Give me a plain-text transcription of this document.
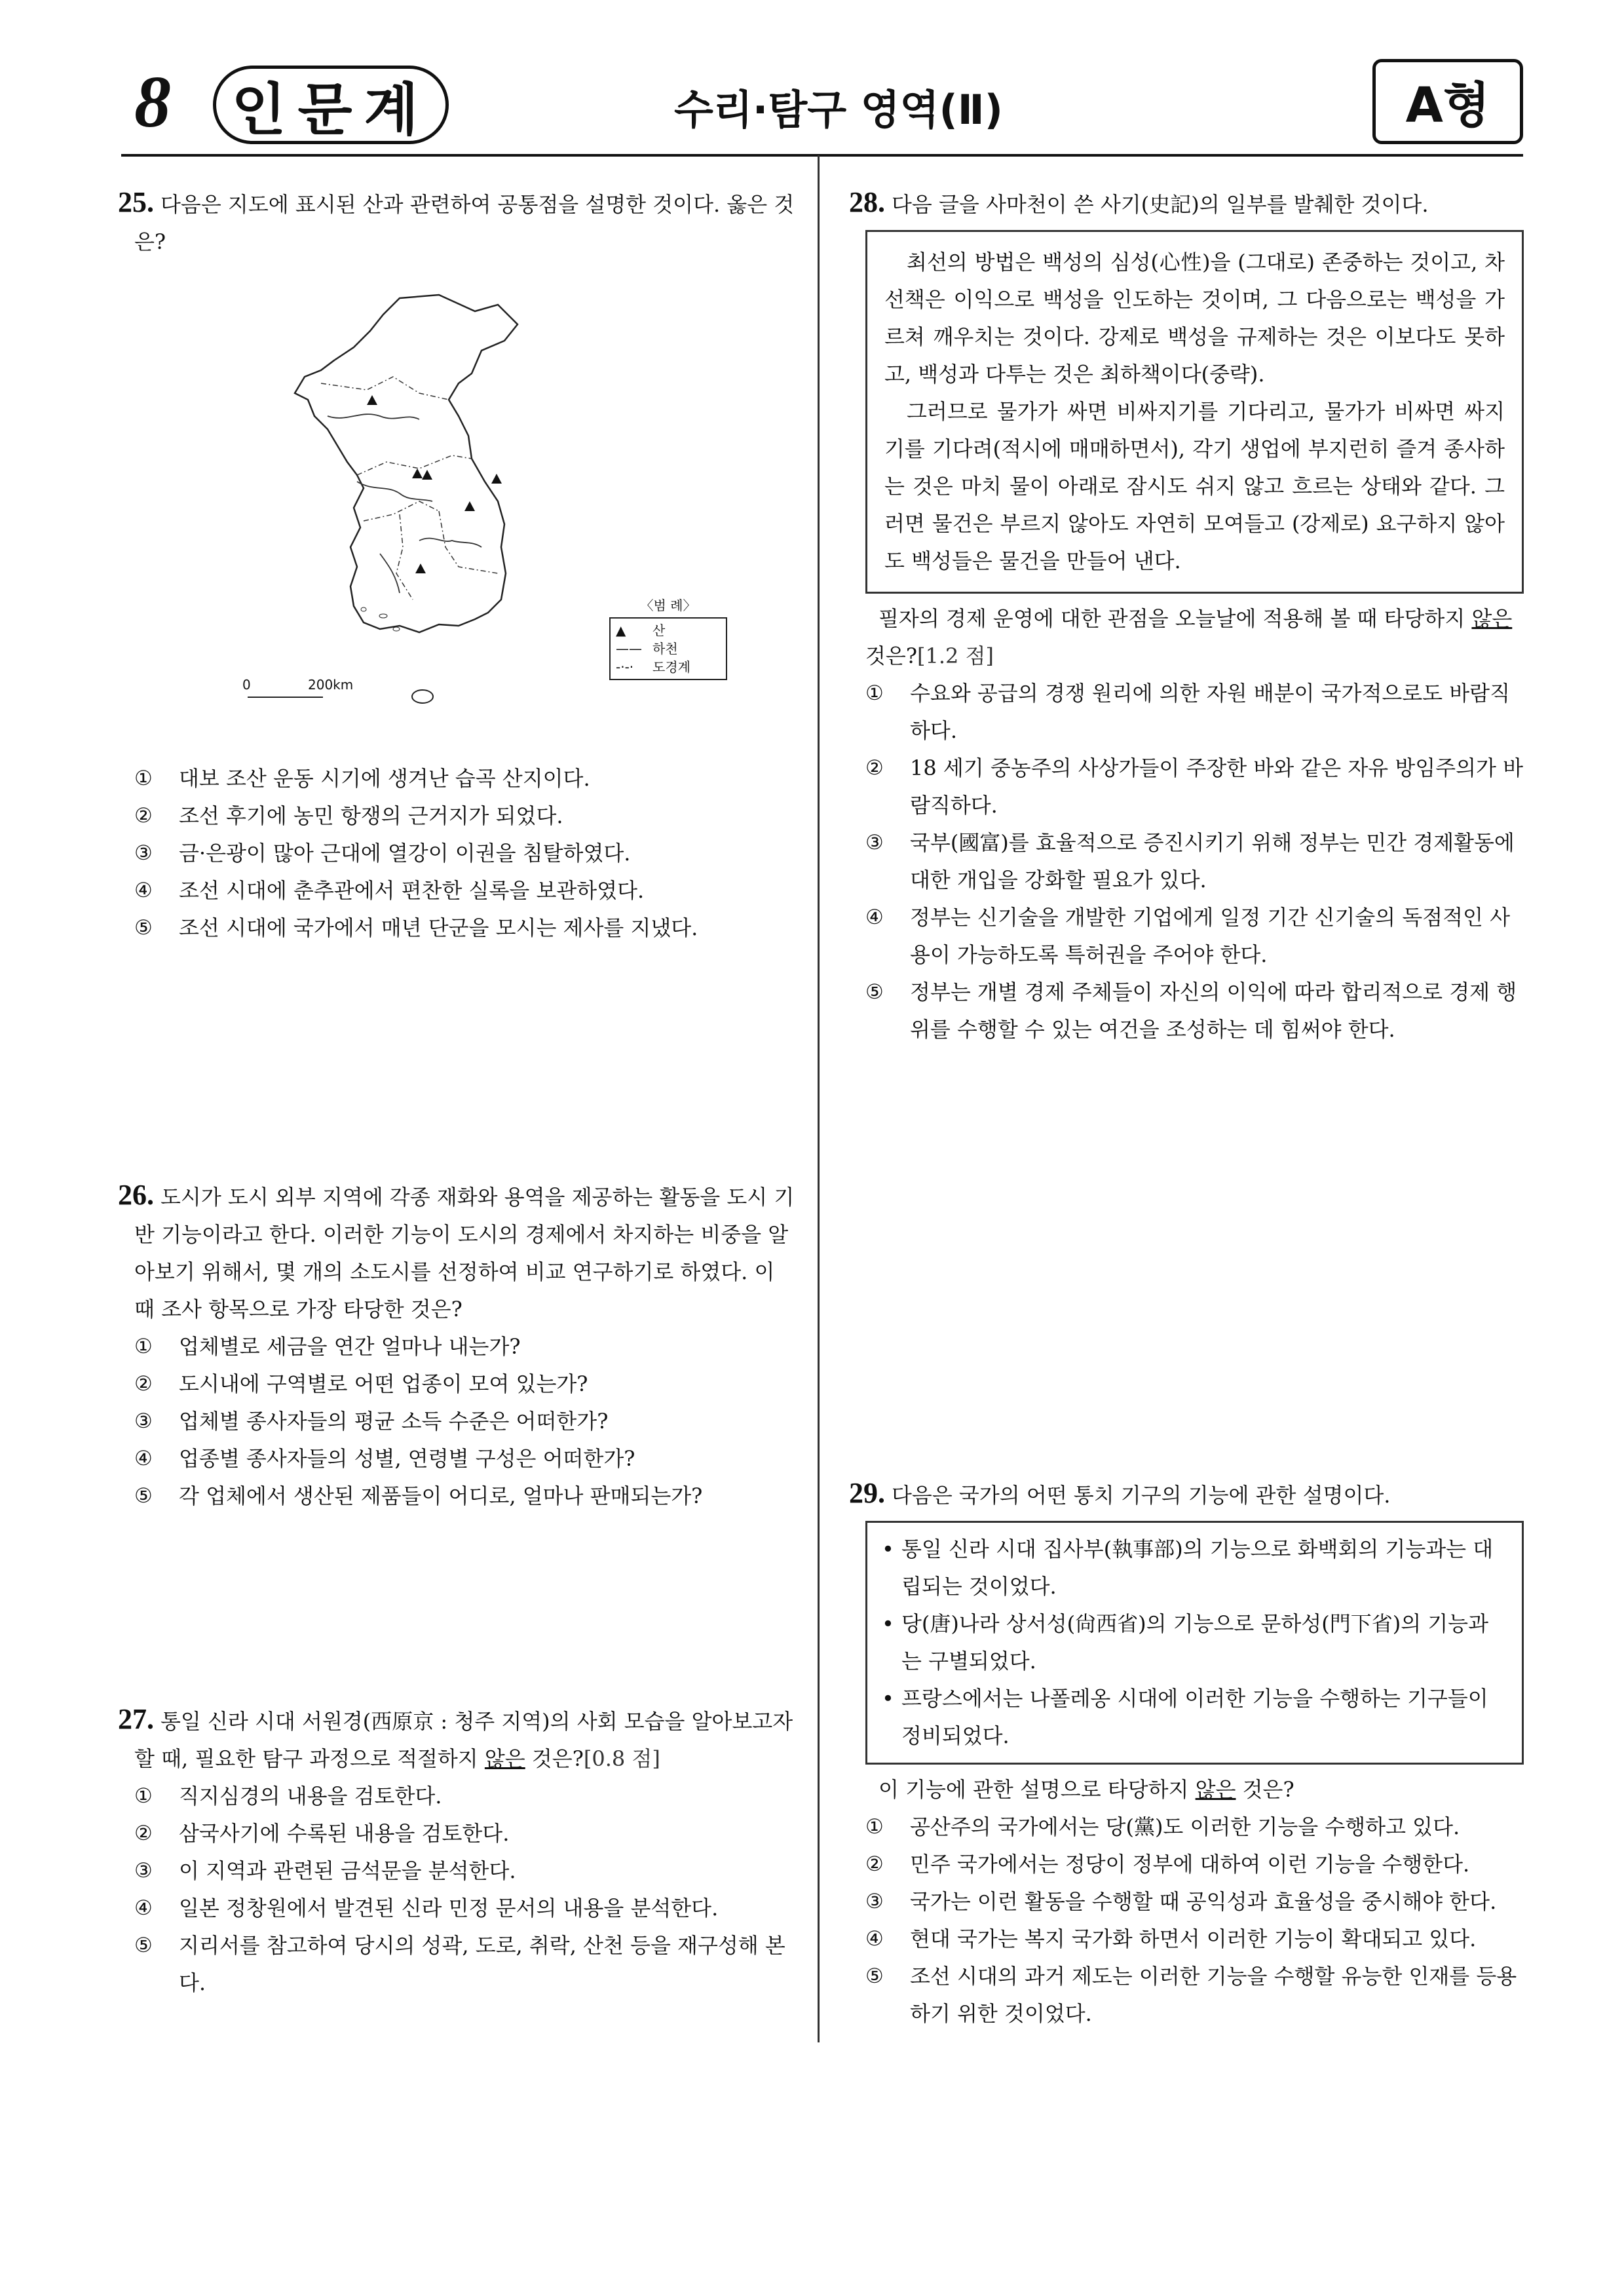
8	인문계	수리·탐구 영역(Ⅱ)	A형

25. 다음은 지도에 표시된 산과 관련하여 공통점을 설명한 것이다. 옳은 것은?

〈범 례〉
▲	산
—— 하천
-·-·	도경계
0	200km
①	대보 조산 운동 시기에 생겨난 습곡 산지이다.
②	조선 후기에 농민 항쟁의 근거지가 되었다.
③	금·은광이 많아 근대에 열강이 이권을 침탈하였다.
④	조선 시대에 춘추관에서 편찬한 실록을 보관하였다.
⑤	조선 시대에 국가에서 매년 단군을 모시는 제사를 지냈다.

26. 도시가 도시 외부 지역에 각종 재화와 용역을 제공하는 활동을 도시 기반 기능이라고 한다. 이러한 기능이 도시의 경제에서 차지하는 비중을 알아보기 위해서, 몇 개의 소도시를 선정하여 비교 연구하기로 하였다. 이 때 조사 항목으로 가장 타당한 것은?

①	업체별로 세금을 연간 얼마나 내는가?
②	도시내에 구역별로 어떤 업종이 모여 있는가?
③	업체별 종사자들의 평균 소득 수준은 어떠한가?
④	업종별 종사자들의 성별, 연령별 구성은 어떠한가?
⑤	각 업체에서 생산된 제품들이 어디로, 얼마나 판매되는가?

27. 통일 신라 시대 서원경(西原京 : 청주 지역)의 사회 모습을 알아보고자 할 때, 필요한 탐구 과정으로 적절하지 않은 것은?[0.8 점]

①	직지심경의 내용을 검토한다.
②	삼국사기에 수록된 내용을 검토한다.
③	이 지역과 관련된 금석문을 분석한다.
④	일본 정창원에서 발견된 신라 민정 문서의 내용을 분석한다.
⑤	지리서를 참고하여 당시의 성곽, 도로, 취락, 산천 등을 재구성해 본다.

28. 다음 글을 사마천이 쓴 사기(史記)의 일부를 발췌한 것이다.

최선의 방법은 백성의 심성(心性)을 (그대로) 존중하는 것이고, 차선책은 이익으로 백성을 인도하는 것이며, 그 다음으로는 백성을 가르쳐 깨우치는 것이다. 강제로 백성을 규제하는 것은 이보다도 못하고, 백성과 다투는 것은 최하책이다(중략).

그러므로 물가가 싸면 비싸지기를 기다리고, 물가가 비싸면 싸지기를 기다려(적시에 매매하면서), 각기 생업에 부지런히 즐겨 종사하는 것은 마치 물이 아래로 잠시도 쉬지 않고 흐르는 상태와 같다. 그러면 물건은 부르지 않아도 자연히 모여들고 (강제로) 요구하지 않아도 백성들은 물건을 만들어 낸다.

필자의 경제 운영에 대한 관점을 오늘날에 적용해 볼 때 타당하지 않은 것은?[1.2 점]

①	수요와 공급의 경쟁 원리에 의한 자원 배분이 국가적으로도 바람직하다.
②	18 세기 중농주의 사상가들이 주장한 바와 같은 자유 방임주의가 바람직하다.
③	국부(國富)를 효율적으로 증진시키기 위해 정부는 민간 경제활동에 대한 개입을 강화할 필요가 있다.
④	정부는 신기술을 개발한 기업에게 일정 기간 신기술의 독점적인 사용이 가능하도록 특허권을 주어야 한다.
⑤	정부는 개별 경제 주체들이 자신의 이익에 따라 합리적으로 경제 행위를 수행할 수 있는 여건을 조성하는 데 힘써야 한다.

29. 다음은 국가의 어떤 통치 기구의 기능에 관한 설명이다.

• 통일 신라 시대 집사부(執事部)의 기능으로 화백회의 기능과는 대립되는 것이었다.
• 당(唐)나라 상서성(尙西省)의 기능으로 문하성(門下省)의 기능과는 구별되었다.
• 프랑스에서는 나폴레옹 시대에 이러한 기능을 수행하는 기구들이 정비되었다.

이 기능에 관한 설명으로 타당하지 않은 것은?

①	공산주의 국가에서는 당(黨)도 이러한 기능을 수행하고 있다.
②	민주 국가에서는 정당이 정부에 대하여 이런 기능을 수행한다.
③	국가는 이런 활동을 수행할 때 공익성과 효율성을 중시해야 한다.
④	현대 국가는 복지 국가화 하면서 이러한 기능이 확대되고 있다.
⑤	조선 시대의 과거 제도는 이러한 기능을 수행할 유능한 인재를 등용하기 위한 것이었다.
